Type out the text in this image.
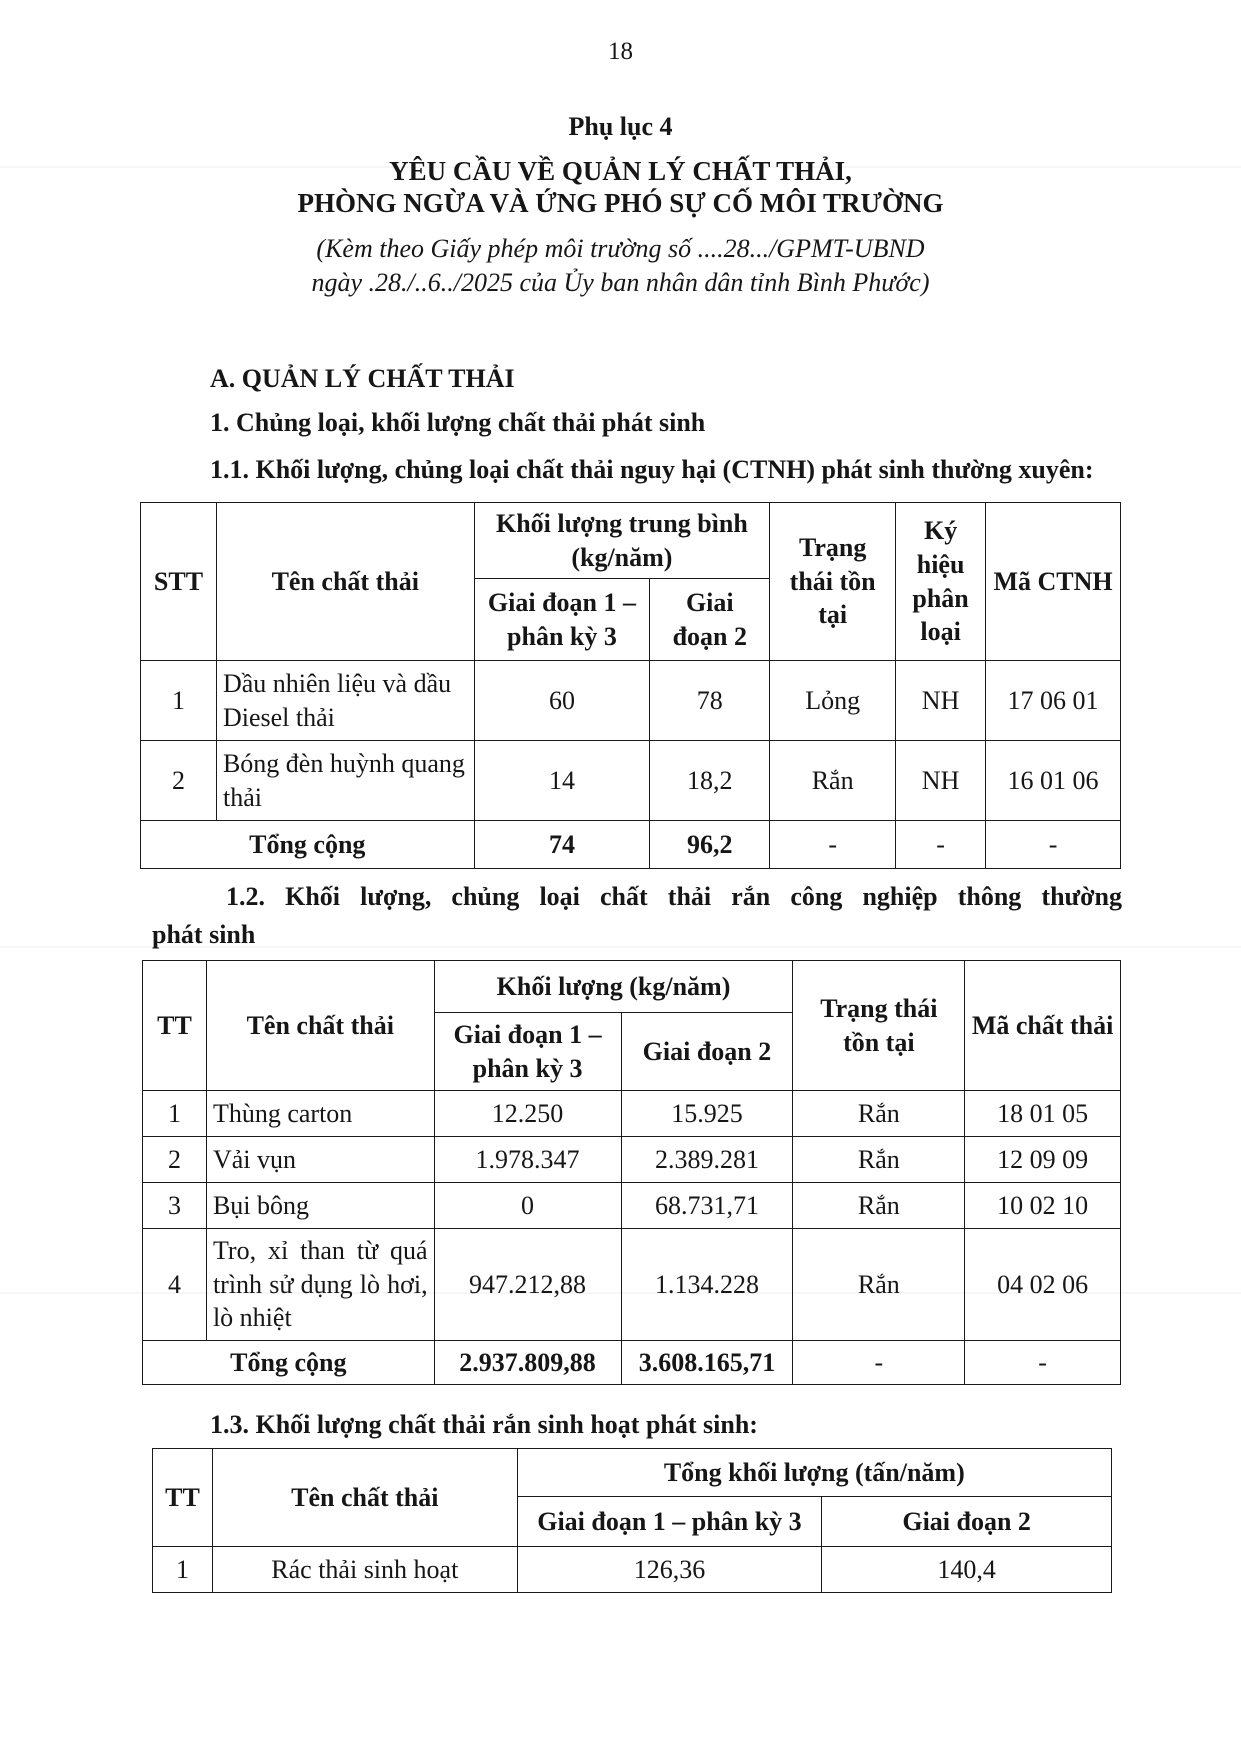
18
Phụ lục 4
YÊU CẦU VỀ QUẢN LÝ CHẤT THẢI,
PHÒNG NGỪA VÀ ỨNG PHÓ SỰ CỐ MÔI TRƯỜNG
(Kèm theo Giấy phép môi trường số ....28.../GPMT-UBND
ngày .28./..6../2025 của Ủy ban nhân dân tỉnh Bình Phước)
A. QUẢN LÝ CHẤT THẢI
1. Chủng loại, khối lượng chất thải phát sinh
1.1. Khối lượng, chủng loại chất thải nguy hại (CTNH) phát sinh thường xuyên:
STT	Tên chất thải	Khối lượng trung bình (kg/năm)		Trạng thái tồn tại	Ký hiệu phân loại	Mã CTNH
		Giai đoạn 1 – phân kỳ 3	Giai đoạn 2			
1	Dầu nhiên liệu và dầu Diesel thải	60	78	Lỏng	NH	17 06 01
2	Bóng đèn huỳnh quang thải	14	18,2	Rắn	NH	16 01 06
Tổng cộng		74	96,2	-	-	-
1.2. Khối lượng, chủng loại chất thải rắn công nghiệp thông thường
phát sinh
TT	Tên chất thải	Khối lượng (kg/năm)		Trạng thái tồn tại	Mã chất thải
		Giai đoạn 1 – phân kỳ 3	Giai đoạn 2		
1	Thùng carton	12.250	15.925	Rắn	18 01 05
2	Vải vụn	1.978.347	2.389.281	Rắn	12 09 09
3	Bụi bông	0	68.731,71	Rắn	10 02 10
4	Tro, xỉ than từ quá trình sử dụng lò hơi, lò nhiệt	947.212,88	1.134.228	Rắn	04 02 06
Tổng cộng		2.937.809,88	3.608.165,71	-	-
1.3. Khối lượng chất thải rắn sinh hoạt phát sinh:
TT	Tên chất thải	Tổng khối lượng (tấn/năm)	
		Giai đoạn 1 – phân kỳ 3	Giai đoạn 2
1	Rác thải sinh hoạt	126,36	140,4
